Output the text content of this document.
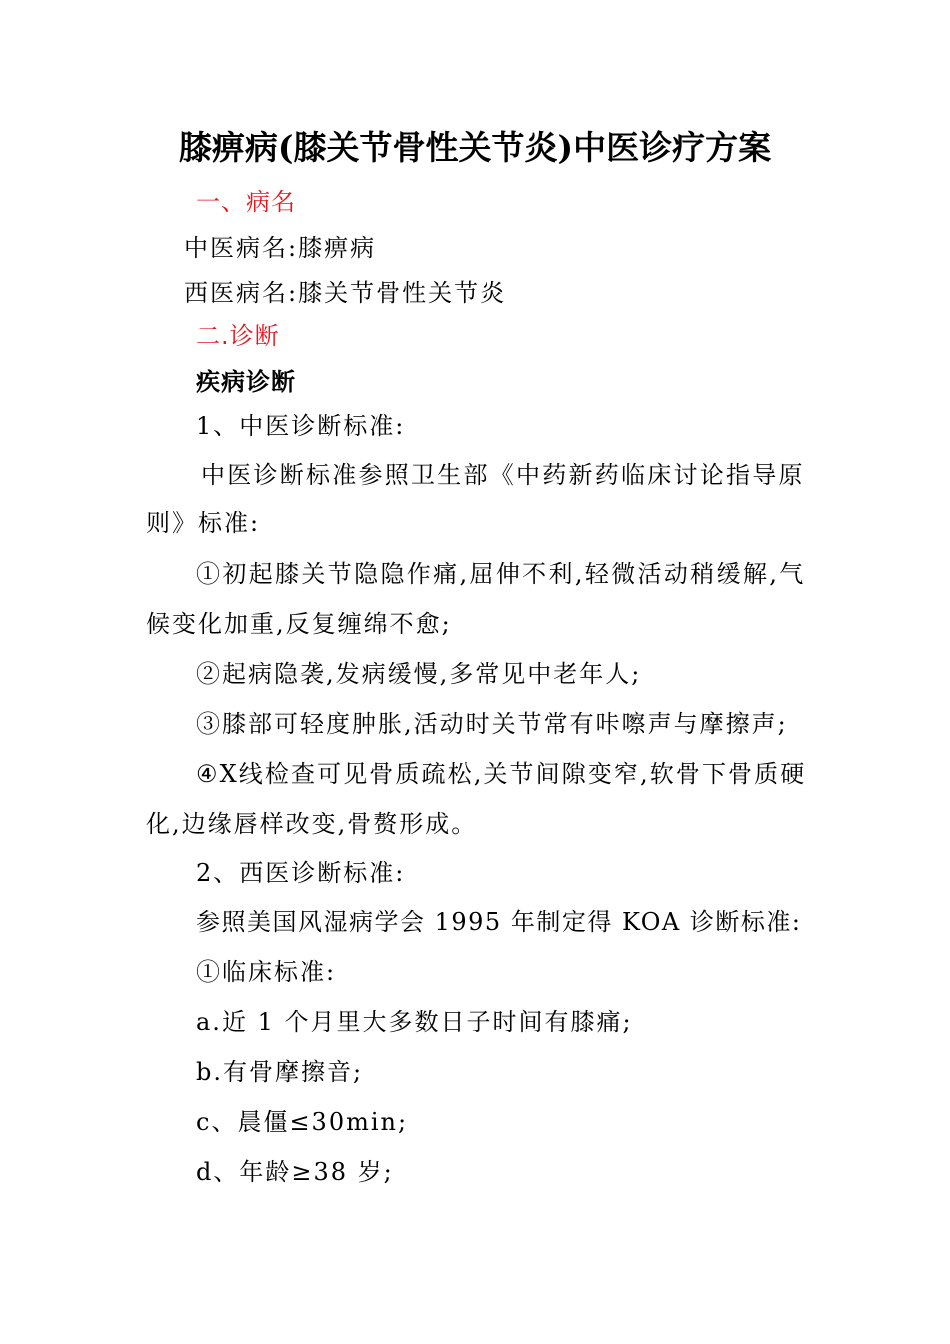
膝痹病(膝关节骨性关节炎)中医诊疗方案
一、病名
中医病名:膝痹病
西医病名:膝关节骨性关节炎
二.诊断
疾病诊断
1、中医诊断标准:
中医诊断标准参照卫生部《中药新药临床讨论指导原
则》标准:
①初起膝关节隐隐作痛,屈伸不利,轻微活动稍缓解,气
候变化加重,反复缠绵不愈;
②起病隐袭,发病缓慢,多常见中老年人;
③膝部可轻度肿胀,活动时关节常有咔嚓声与摩擦声;
④X线检查可见骨质疏松,关节间隙变窄,软骨下骨质硬
化,边缘唇样改变,骨赘形成。
2、西医诊断标准:
参照美国风湿病学会 1995 年制定得 KOA 诊断标准:
①临床标准:
a.近 1 个月里大多数日子时间有膝痛;
b.有骨摩擦音;
c、晨僵≤30min;
d、年龄≥38 岁;
